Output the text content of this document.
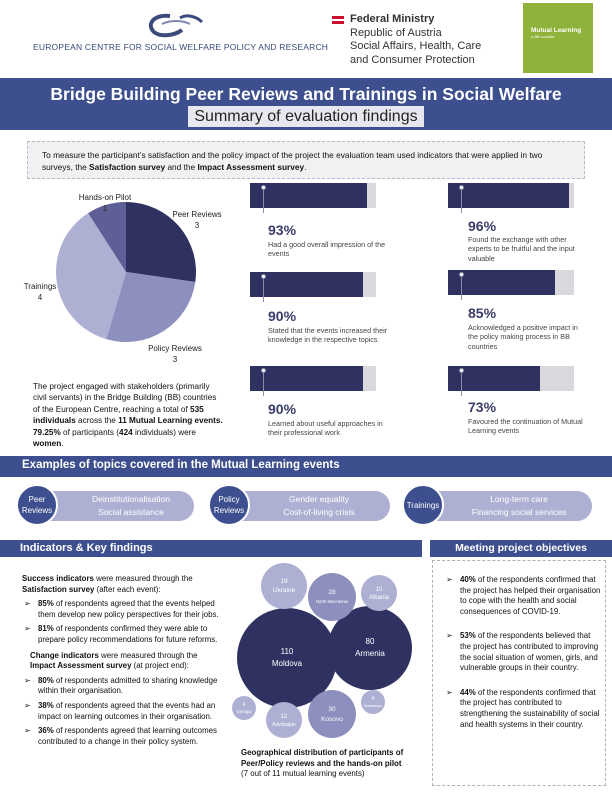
EUROPEAN CENTRE FOR SOCIAL WELFARE POLICY AND RESEARCH
Federal Ministry
Republic of Austria
Social Affairs, Health, Care
and Consumer Protection
Mutual Learning
in BB countries
Bridge Building Peer Reviews and Trainings in Social Welfare
Summary of evaluation findings
To measure the participant’s satisfaction and the policy impact of the project the evaluation team used indicators that were applied in two surveys, the Satisfaction survey and the Impact Assessment survey.
Hands-on Pilot
1
Peer Reviews
3
Trainings
4
Policy Reviews
3
The project engaged with stakeholders (primarily civil servants) in the Bridge Building (BB) countries of the European Centre, reaching a total of 535 individuals across the 11 Mutual Learning events. 79.25% of participants (424 individuals) were women.
93%
Had a good overall impression of the events
96%
Found the exchange with other experts to be fruitful and the input valuable
90%
Stated that the events increased their knowledge in the respective topics
85%
Acknowledged a positive impact in the policy making process in BB countries
90%
Learned about useful approaches in their professional work
73%
Favoured the continuation of Mutual Learning events
Examples of topics covered in the Mutual Learning events
Peer Reviews
Policy Reviews
Trainings
Deinstitutionalisation
Social assistance
Gender equality
Cost-of-living crisis
Long-term care
Financing social services
Indicators & Key findings

Success indicators were measured through the Satisfaction survey (after each event):

➢ 85% of respondents agreed that the events helped them develop new policy perspectives for their jobs.
➢ 81% of respondents confirmed they were able to prepare policy recommendations for future reforms.

Change indicators were measured through the Impact Assessment survey (at project end):

➢ 80% of respondents admitted to sharing knowledge within their organisation.
➢ 38% of respondents agreed that the events had an impact on learning outcomes in their organisation.
➢ 36% of respondents agreed that learning outcomes contributed to a change in their policy system.
110
Moldova
80
Armenia
28
North Macedonia
30
Kosovo
19
Ukraine	10
Albania
12
Azerbaijan
4
Georgia
4
Montenegro
Geographical distribution of participants of Peer/Policy reviews and the hands-on pilot
(7 out of 11 mutual learning events)
Meeting project objectives
➢ 40% of the respondents confirmed that the project has helped their organisation to cope with the health and social consequences of COVID-19.
➢ 53% of the respondents believed that the project has contributed to improving the social situation of women, girls, and vulnerable groups in their country.
➢ 44% of the respondents confirmed that the project has contributed to strengthening the sustainability of social and health systems in their country.
